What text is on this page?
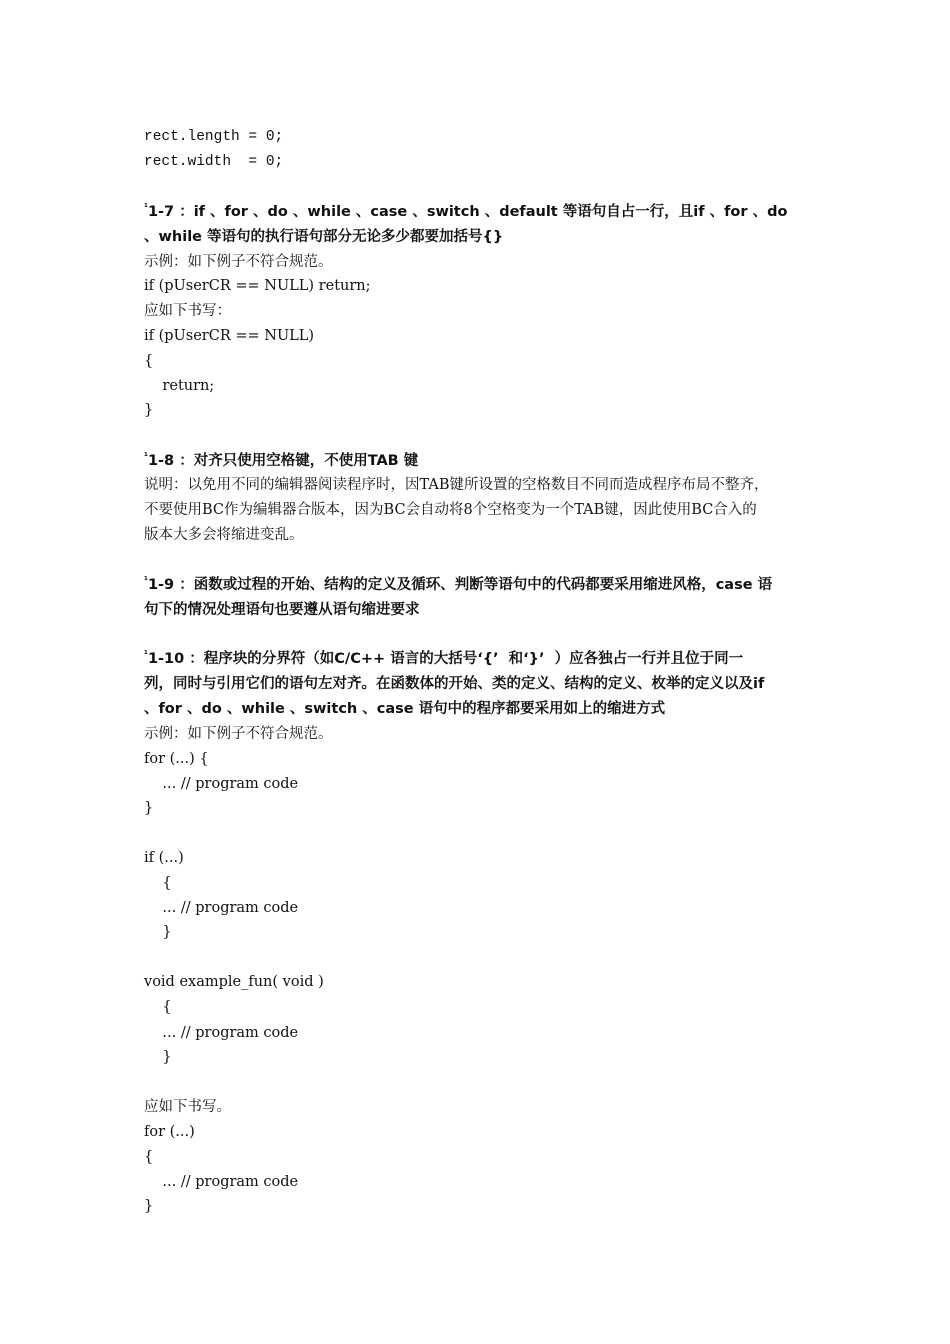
rect.length = 0;
rect.width  = 0;
$^{^1}$1-7 ：if 、for 、do 、while 、case 、switch 、default 等语句自占一行，且if 、for 、do
、while 等语句的执行语句部分无论多少都要加括号{}
示例：如下例子不符合规范。
if (pUserCR == NULL) return;
应如下书写：
if (pUserCR == NULL)
{
return;
}
$^{^1}$1-8 ：对齐只使用空格键，不使用TAB 键
说明：以免用不同的编辑器阅读程序时，因TAB键所设置的空格数目不同而造成程序布局不整齐，
不要使用BC作为编辑器合版本，因为BC会自动将8个空格变为一个TAB键，因此使用BC合入的
版本大多会将缩进变乱。
$^{^1}$1-9 ：函数或过程的开始、结构的定义及循环、判断等语句中的代码都要采用缩进风格，case 语
句下的情况处理语句也要遵从语句缩进要求
$^{^1}$1-10 ：程序块的分界符（如C/C++ 语言的大括号‘{’  和‘}’  ）应各独占一行并且位于同一
列，同时与引用它们的语句左对齐。在函数体的开始、类的定义、结构的定义、枚举的定义以及if
、for 、do 、while 、switch 、case 语句中的程序都要采用如上的缩进方式
示例：如下例子不符合规范。
for (...) {
... // program code
}
if (...)
{
... // program code
}
void example_fun( void )
{
... // program code
}
应如下书写。
for (...)
{
... // program code
}
